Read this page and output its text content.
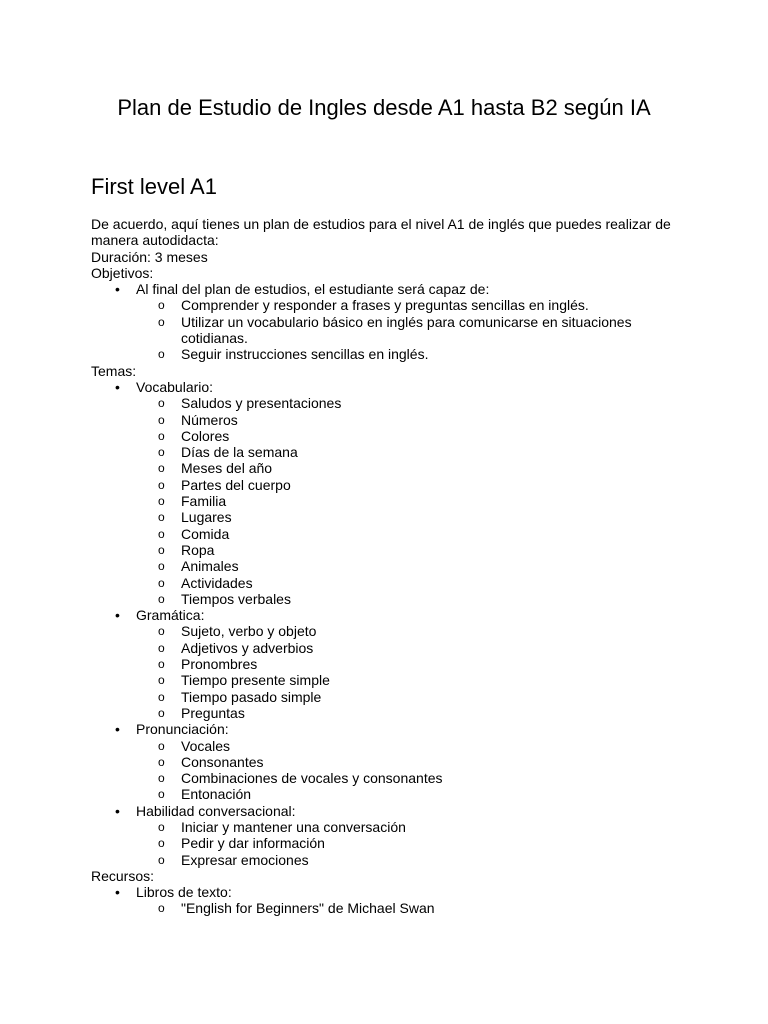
Plan de Estudio de Ingles desde A1 hasta B2 según IA
First level A1

De acuerdo, aquí tienes un plan de estudios para el nivel A1 de inglés que puedes realizar de manera autodidacta:

Duración: 3 meses

Objetivos:

• Al final del plan de estudios, el estudiante será capaz de:
o Comprender y responder a frases y preguntas sencillas en inglés.
o Utilizar un vocabulario básico en inglés para comunicarse en situaciones cotidianas.
o Seguir instrucciones sencillas en inglés.

Temas:

• Vocabulario:
o Saludos y presentaciones
o Números
o Colores
o Días de la semana
o Meses del año
o Partes del cuerpo
o Familia
o Lugares
o Comida
o Ropa
o Animales
o Actividades
o Tiempos verbales
• Gramática:
o Sujeto, verbo y objeto
o Adjetivos y adverbios
o Pronombres
o Tiempo presente simple
o Tiempo pasado simple
o Preguntas
• Pronunciación:
o Vocales
o Consonantes
o Combinaciones de vocales y consonantes
o Entonación
• Habilidad conversacional:
o Iniciar y mantener una conversación
o Pedir y dar información
o Expresar emociones

Recursos:

• Libros de texto:
o "English for Beginners" de Michael Swan
